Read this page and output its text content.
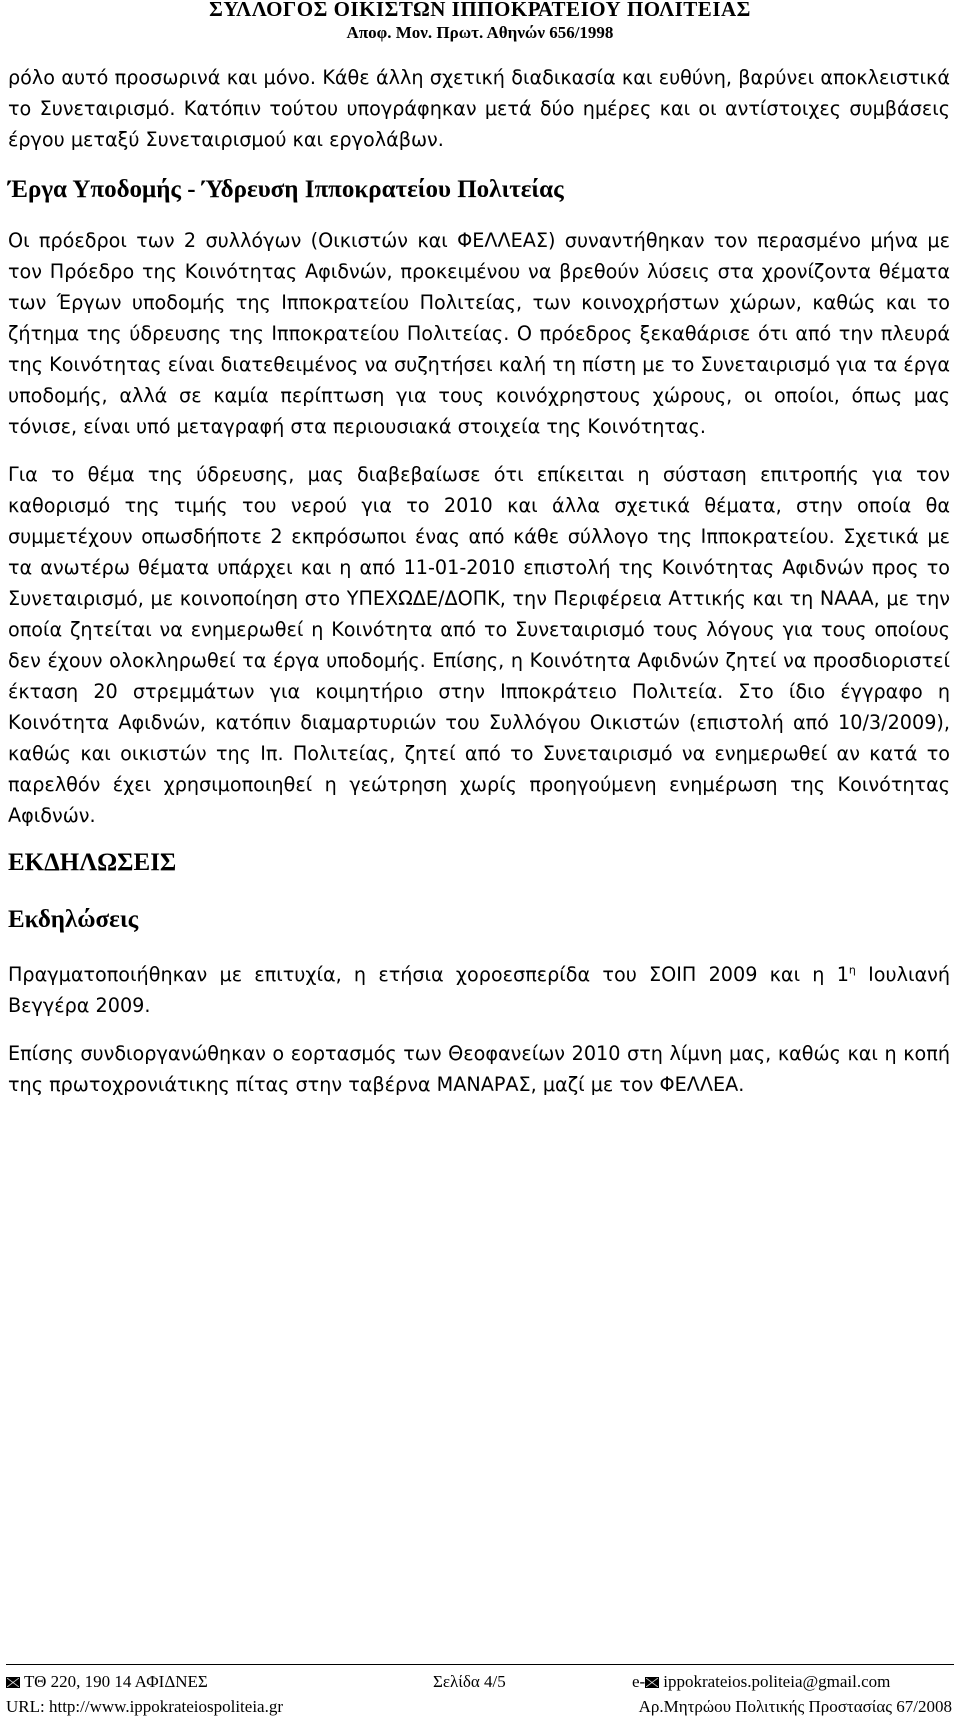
ΣΥΛΛΟΓΟΣ ΟΙΚΙΣΤΩΝ ΙΠΠΟΚΡΑΤΕΙΟΥ ΠΟΛΙΤΕΙΑΣ
Αποφ. Μον. Πρωτ. Αθηνών 656/1998

ρόλο αυτό προσωρινά και μόνο. Κάθε άλλη σχετική διαδικασία και ευθύνη, βαρύνει αποκλειστικά το Συνεταιρισμό. Κατόπιν τούτου υπογράφηκαν μετά δύο ημέρες και οι αντίστοιχες συμβάσεις έργου μεταξύ Συνεταιρισμού και εργολάβων.

Έργα Υποδομής - Ύδρευση Ιπποκρατείου Πολιτείας

Οι πρόεδροι των 2 συλλόγων (Οικιστών και ΦΕΛΛΕΑΣ) συναντήθηκαν τον περασμένο μήνα με τον Πρόεδρο της Κοινότητας Αφιδνών, προκειμένου να βρεθούν λύσεις στα χρονίζοντα θέματα των Έργων υποδομής της Ιπποκρατείου Πολιτείας, των κοινοχρήστων χώρων, καθώς και το ζήτημα της ύδρευσης της Ιπποκρατείου Πολιτείας. Ο πρόεδρος ξεκαθάρισε ότι από την πλευρά της Κοινότητας είναι διατεθειμένος να συζητήσει καλή τη πίστη με το Συνεταιρισμό για τα έργα υποδομής, αλλά σε καμία περίπτωση για τους κοινόχρηστους χώρους, οι οποίοι, όπως μας τόνισε, είναι υπό μεταγραφή στα περιουσιακά στοιχεία της Κοινότητας.

Για το θέμα της ύδρευσης, μας διαβεβαίωσε ότι επίκειται η σύσταση επιτροπής για τον καθορισμό της τιμής του νερού για το 2010 και άλλα σχετικά θέματα, στην οποία θα συμμετέχουν οπωσδήποτε 2 εκπρόσωποι ένας από κάθε σύλλογο της Ιπποκρατείου. Σχετικά με τα ανωτέρω θέματα υπάρχει και η από 11-01-2010 επιστολή της Κοινότητας Αφιδνών προς το Συνεταιρισμό, με κοινοποίηση στο ΥΠΕΧΩΔΕ/ΔΟΠΚ, την Περιφέρεια Αττικής και τη ΝΑΑΑ, με την οποία ζητείται να ενημερωθεί η Κοινότητα από το Συνεταιρισμό τους λόγους για τους οποίους δεν έχουν ολοκληρωθεί τα έργα υποδομής. Επίσης, η Κοινότητα Αφιδνών ζητεί να προσδιοριστεί έκταση 20 στρεμμάτων για κοιμητήριο στην Ιπποκράτειο Πολιτεία. Στο ίδιο έγγραφο η Κοινότητα Αφιδνών, κατόπιν διαμαρτυριών του Συλλόγου Οικιστών (επιστολή από 10/3/2009), καθώς και οικιστών της Ιπ. Πολιτείας, ζητεί από το Συνεταιρισμό να ενημερωθεί αν κατά το παρελθόν έχει χρησιμοποιηθεί η γεώτρηση χωρίς προηγούμενη ενημέρωση της Κοινότητας Αφιδνών.

ΕΚΔΗΛΩΣΕΙΣ

Εκδηλώσεις

Πραγματοποιήθηκαν με επιτυχία, η ετήσια χοροεσπερίδα του ΣΟΙΠ 2009 και η $1^\eta$ Ιουλιανή Βεγγέρα 2009.

Επίσης συνδιοργανώθηκαν ο εορτασμός των Θεοφανείων 2010 στη λίμνη μας, καθώς και η κοπή της πρωτοχρονιάτικης πίτας στην ταβέρνα ΜΑΝΑΡΑΣ, μαζί με τον ΦΕΛΛΕΑ.

ΤΘ 220, 190 14 ΑΦΙΔΝΕΣ	Σελίδα 4/5	e- ippokrateios.politeia@gmail.com
URL: http://www.ippokrateiospoliteia.gr	Αρ.Μητρώου Πολιτικής Προστασίας 67/2008
